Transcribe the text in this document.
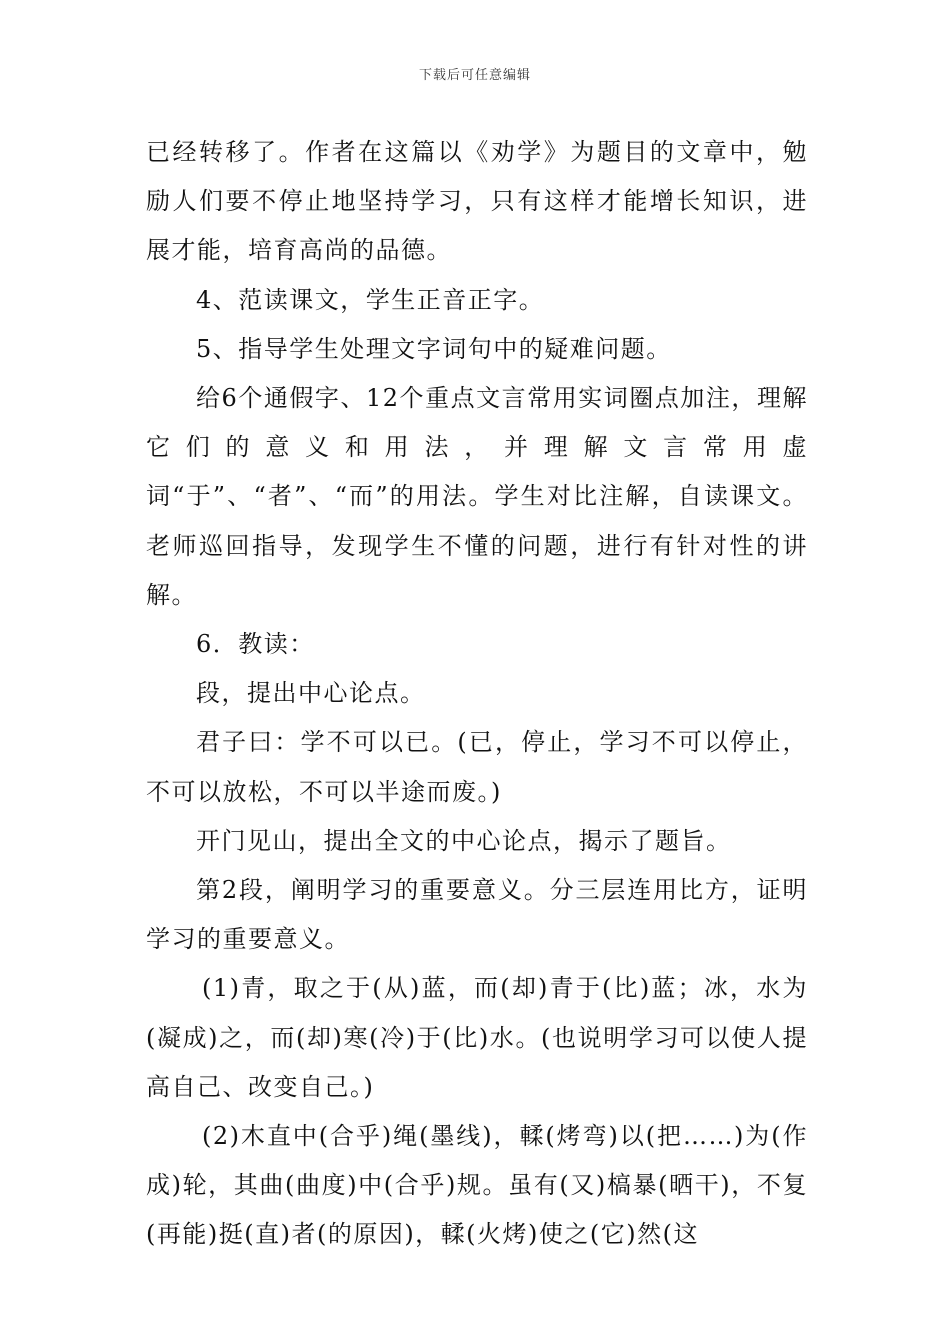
下载后可任意编辑

已经转移了。作者在这篇以《劝学》为题目的文章中，勉励人们要不停止地坚持学习，只有这样才能增长知识，进展才能，培育高尚的品德。

4、范读课文，学生正音正字。

5、指导学生处理文字词句中的疑难问题。

给6个通假字、12个重点文言常用实词圈点加注，理解它们的意义和用法，并理解文言常用虚词“于”、“者”、“而”的用法。学生对比注解，自读课文。老师巡回指导，发现学生不懂的问题，进行有针对性的讲解。

6．教读：

段，提出中心论点。

君子曰：学不可以已。(已，停止，学习不可以停止，不可以放松，不可以半途而废。)

开门见山，提出全文的中心论点，揭示了题旨。

第2段，阐明学习的重要意义。分三层连用比方，证明学习的重要意义。

(1)青，取之于(从)蓝，而(却)青于(比)蓝；冰，水为(凝成)之，而(却)寒(冷)于(比)水。(也说明学习可以使人提高自己、改变自己。)

(2)木直中(合乎)绳(墨线)，輮(烤弯)以(把……)为(作成)轮，其曲(曲度)中(合乎)规。虽有(又)槁暴(晒干)，不复(再能)挺(直)者(的原因)，輮(火烤)使之(它)然(这
